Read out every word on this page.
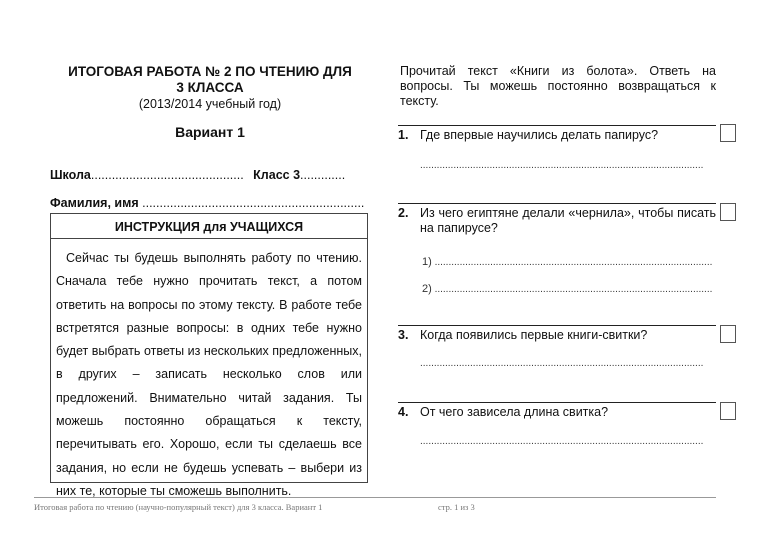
ИТОГОВАЯ РАБОТА № 2 ПО ЧТЕНИЮ ДЛЯ
3 КЛАССА
(2013/2014 учебный год)
Вариант 1
Школа............................................ Класс 3.............
Фамилия, имя ................................................................
ИНСТРУКЦИЯ для УЧАЩИХСЯ
Сейчас ты будешь выполнять работу по чтению. Сначала тебе нужно прочитать текст, а потом ответить на вопросы по этому тексту. В работе тебе встретятся разные вопросы: в одних тебе нужно будет выбрать ответы из нескольких предложенных, в других – записать несколько слов или предложений. Внимательно читай задания. Ты можешь постоянно обращаться к тексту, перечитывать его. Хорошо, если ты сделаешь все задания, но если не будешь успевать – выбери из них те, которые ты сможешь выполнить.
Прочитай текст «Книги из болота». Ответь на вопросы. Ты можешь постоянно возвращаться к тексту.
1. Где впервые научились делать папирус?
......................................................................................................
2. Из чего египтяне делали «чернила», чтобы писать на папирусе?
1) ....................................................................................................
2) ....................................................................................................
3. Когда появились первые книги-свитки?
......................................................................................................
4. От чего зависела длина свитка?
......................................................................................................
Итоговая работа по чтению (научно-популярный текст) для 3 класса. Вариант 1	стр. 1 из 3
